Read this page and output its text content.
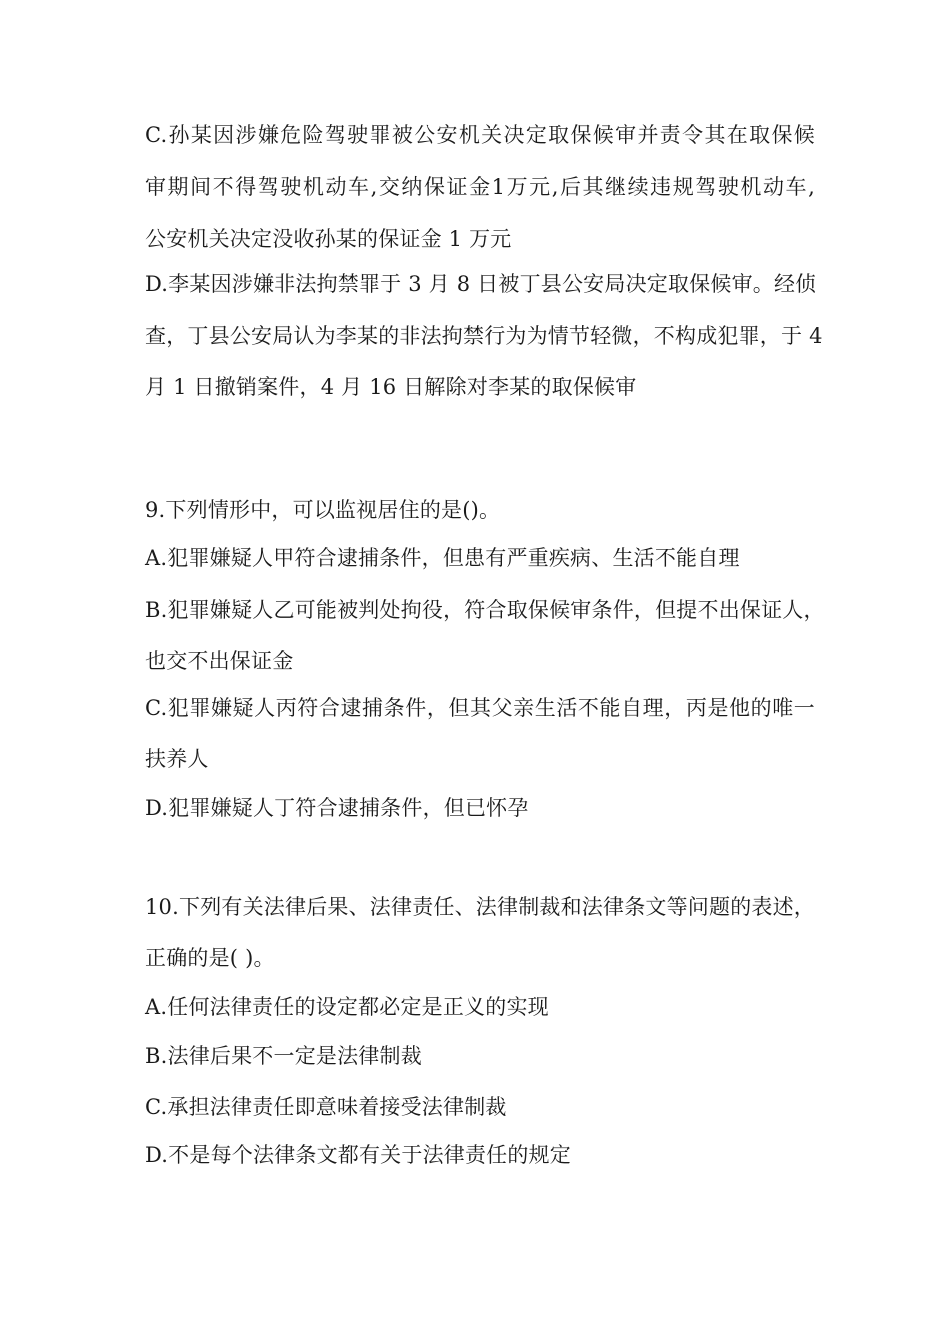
C.孙某因涉嫌危险驾驶罪被公安机关决定取保候审并责令其在取保候
审期间不得驾驶机动车,交纳保证金1万元,后其继续违规驾驶机动车,
公安机关决定没收孙某的保证金 1 万元
D.李某因涉嫌非法拘禁罪于 3 月 8 日被丁县公安局决定取保候审。经侦
查，丁县公安局认为李某的非法拘禁行为为情节轻微，不构成犯罪，于 4
月 1 日撤销案件，4 月 16 日解除对李某的取保候审
9.下列情形中，可以监视居住的是()。
A.犯罪嫌疑人甲符合逮捕条件，但患有严重疾病、生活不能自理
B.犯罪嫌疑人乙可能被判处拘役，符合取保候审条件，但提不出保证人，
也交不出保证金
C.犯罪嫌疑人丙符合逮捕条件，但其父亲生活不能自理，丙是他的唯一
扶养人
D.犯罪嫌疑人丁符合逮捕条件，但已怀孕
10.下列有关法律后果、法律责任、法律制裁和法律条文等问题的表述，
正确的是( )。
A.任何法律责任的设定都必定是正义的实现
B.法律后果不一定是法律制裁
C.承担法律责任即意味着接受法律制裁
D.不是每个法律条文都有关于法律责任的规定
